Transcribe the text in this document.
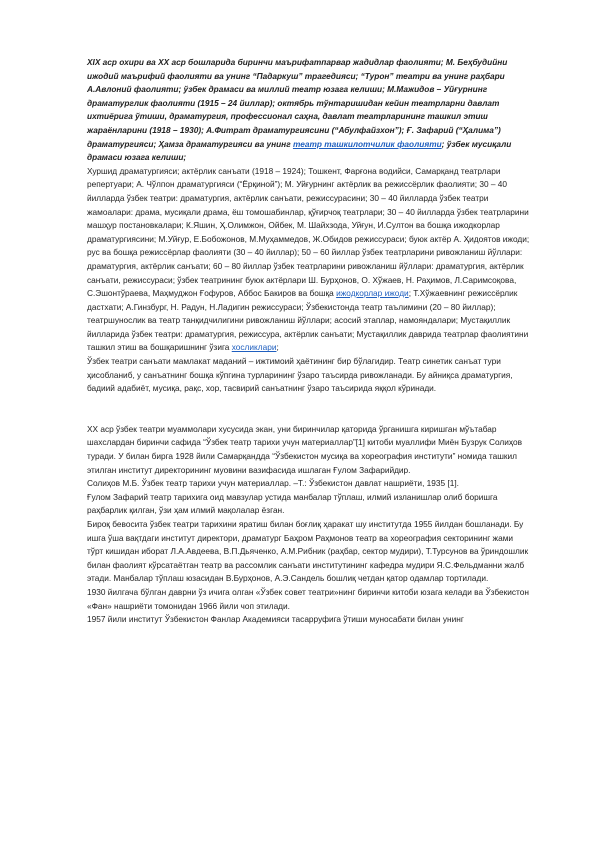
XIX аср охири ва XX аср бошларида биринчи маърифатпарвар жадидлар фаолияти; М. Беҳбудийни ижодий маърифий фаолияти ва унинг “Падаркуш” трагедияси; “Турон” театри ва унинг раҳбари А.Авлоний фаолияти; ўзбек драмаси ва миллий театр юзага келиши; М.Мажидов – Уйғурнинг драматурглик фаолияти (1915 – 24 йиллар); октябрь тўнтаришидан кейин театрларни давлат ихтиёрига ўтиши, драматургия, профессионал саҳна, давлат театрларининг ташкил этиш жараёнларини (1918 – 1930); А.Фитрат драматургиясини (“Абулфайзхон”); Ғ. Зафарий (“Ҳалима”) драматургияси; Ҳамза драматургияси ва унинг театр ташкилотчилик фаолияти; ўзбек мусиқали драмаси юзага келиши;

Хуршид драматургияси; актёрлик санъати (1918 – 1924); Тошкент, Фарғона водийси, Самарқанд театрлари репертуари; А. Чўлпон драматургияси (“Ёрқиной”); М. Уйғурнинг актёрлик ва режиссёрлик фаолияти; 30 – 40 йилларда ўзбек театри: драматургия, актёрлик санъати, режиссурасини; 30 – 40 йилларда ўзбек театри жамоалари: драма, мусиқали драма, ёш томошабинлар, қўғирчоқ театрлари; 30 – 40 йилларда ўзбек театрларини машҳур постановкалари; К.Яшин, Ҳ.Олимжон, Ойбек, М. Шайхзода, Уйғун, И.Султон ва бошқа ижодкорлар драматургиясини; М.Уйғур, Е.Бобожонов, М.Муҳаммедов, Ж.Обидов режиссураси; буюк актёр А. Ҳидоятов ижоди; рус ва бошқа режиссёрлар фаолияти (30 – 40 йиллар); 50 – 60 йиллар ўзбек театрларини ривожланиш йўллари:

драматургия, актёрлик санъати; 60 – 80 йиллар ўзбек театрларини ривожланиш йўллари: драматургия, актёрлик санъати, режиссураси; ўзбек театрининг буюк актёрлари Ш. Бурҳонов, О. Хўжаев, Н. Раҳимов, Л.Саримсоқова, С.Эшонтўраева, Маҳмуджон Ғофуров, Аббос Бакиров ва бошқа ижодкорлар ижоди; Т.Хўжаевнинг режиссёрлик дастхати; А.Гинзбург, Н. Радун, Н.Ладигин режиссураси; Ўзбекистонда театр таълимини (20 – 80 йиллар); театршунослик ва театр танқидчилигини ривожланиш йўллари; асосий этаплар, намояндалари; Мустақиллик йилларида ўзбек театри: драматургия, режиссура, актёрлик санъати; Мустақиллик даврида театрлар фаолиятини ташкил этиш ва бошқаришнинг ўзига хосликлари;

Ўзбек театри санъати мамлакат маданий – ижтимоий ҳаётининг бир бўлагидир. Театр синетик санъат тури ҳисобланиб, у санъатнинг бошқа кўпгина турларининг ўзаро таъсирда ривожланади. Бу айниқса драматургия, бадиий адабиёт, мусиқа, рақс, хор, тасвирий санъатнинг ўзаро таъсирида яққол кўринади.

ХХ аср ўзбек театри муаммолари хусусида экан, уни биринчилар қаторида ўрганишга киришган мўътабар шахслардан биринчи сафида “Ўзбек театр тарихи учун материаллар”[1] китоби муаллифи Миён Бузрук Солиҳов туради. У билан бирга 1928 йили Самарқандда “Ўзбекистон мусиқа ва хореография институти” номида ташкил этилган институт директорининг муовини вазифасида ишлаган Ғулом Зафарийдир.

Солиҳов М.Б. Ўзбек театр тарихи учун материаллар. –Т.: Ўзбекистон давлат нашриёти, 1935 [1].

Ғулом Зафарий театр тарихига оид мавзулар устида манбалар тўплаш, илмий изланишлар олиб боришга раҳбарлик қилган, ўзи ҳам илмий мақолалар ёзган.

Бироқ бевосита ўзбек театри тарихини яратиш билан боғлиқ ҳаракат шу институтда 1955 йилдан бошланади. Бу ишга ўша вақтдаги институт директори, драматург Баҳром Раҳмонов театр ва хореография секторининг жами тўрт кишидан иборат Л.А.Авдеева, В.П.Дьяченко, А.М.Рибник (раҳбар, сектор мудири), Т.Турсунов ва ўриндошлик билан фаолият кўрсатаётган театр ва рассомлик санъати институтининг кафедра мудири Я.С.Фельдманни жалб этади. Манбалар тўплаш юзасидан В.Бурҳонов, А.Э.Сандель бошлиқ четдан қатор одамлар тортилади.

1930 йилгача бўлган даврни ўз ичига олган «Ўзбек совет театри»нинг биринчи китоби юзага келади ва Ўзбекистон «Фан» нашриёти томонидан 1966 йили чоп этилади.

1957 йили институт Ўзбекистон Фанлар Академияси тасарруфига ўтиши муносабати билан унинг
